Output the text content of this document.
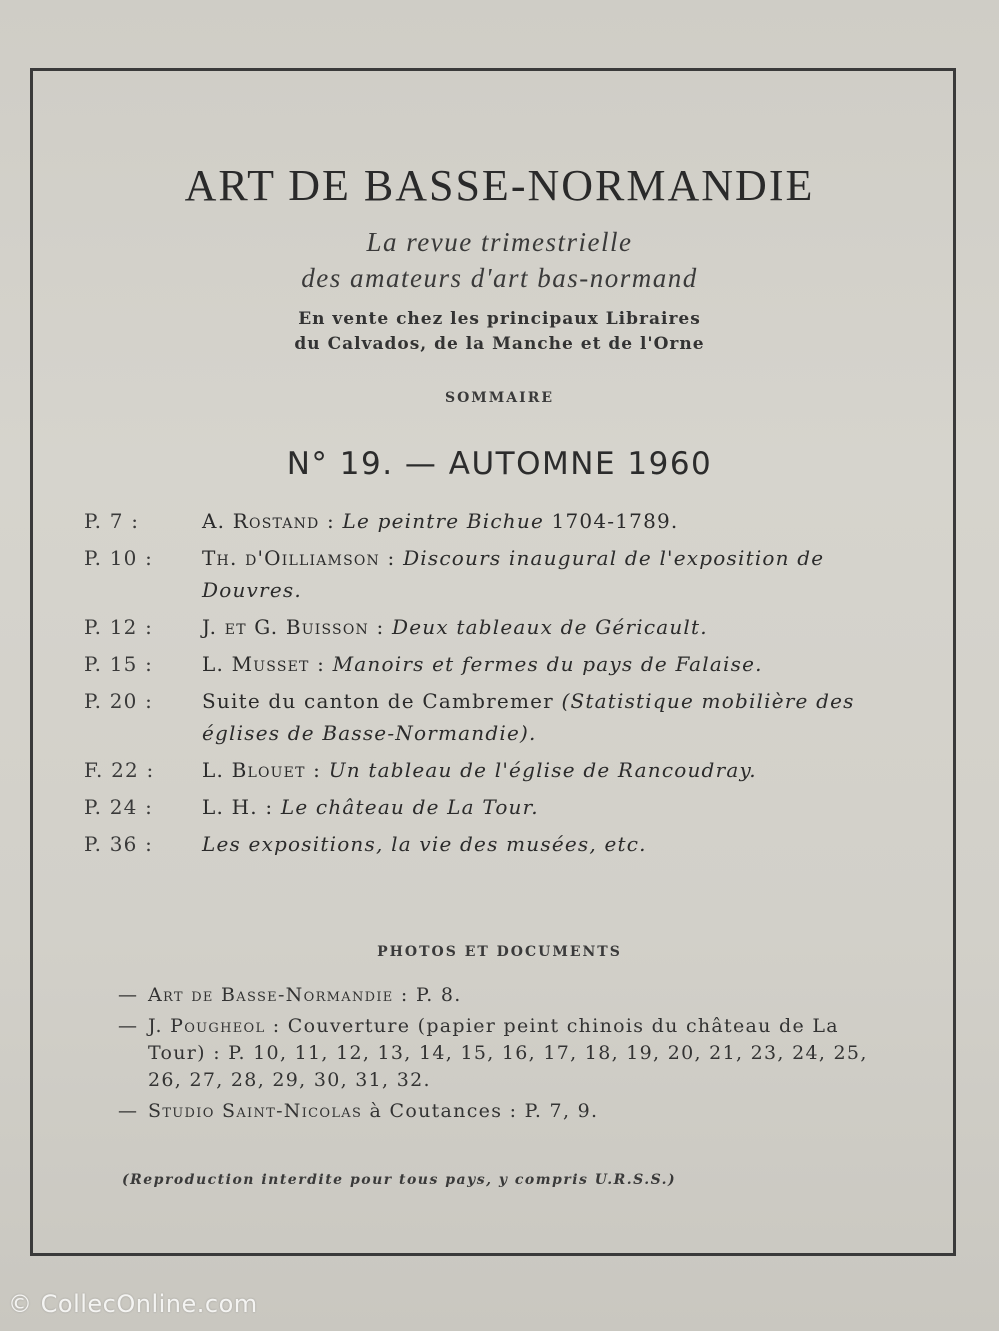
ART DE BASSE-NORMANDIE
La revue trimestrielle
des amateurs d'art bas-normand
En vente chez les principaux Libraires
du Calvados, de la Manche et de l'Orne
SOMMAIRE
N° 19. — AUTOMNE 1960
P. 7 :	A. Rostand : Le peintre Bichue 1704-1789.
P. 10 :	Th. d'Oilliamson : Discours inaugural de l'exposition de Douvres.
P. 12 :	J. et G. Buisson : Deux tableaux de Géricault.
P. 15 :	L. Musset : Manoirs et fermes du pays de Falaise.
P. 20 :	Suite du canton de Cambremer (Statistique mobilière des églises de Basse-Normandie).
F. 22 :	L. Blouet : Un tableau de l'église de Rancoudray.
P. 24 :	L. H. : Le château de La Tour.
P. 36 :	Les expositions, la vie des musées, etc.
PHOTOS ET DOCUMENTS
— Art de Basse-Normandie : P. 8.
— J. Pougheol : Couverture (papier peint chinois du château de La Tour) : P. 10, 11, 12, 13, 14, 15, 16, 17, 18, 19, 20, 21, 23, 24, 25, 26, 27, 28, 29, 30, 31, 32.
— Studio Saint-Nicolas à Coutances : P. 7, 9.
(Reproduction interdite pour tous pays, y compris U.R.S.S.)
© CollecOnline.com
